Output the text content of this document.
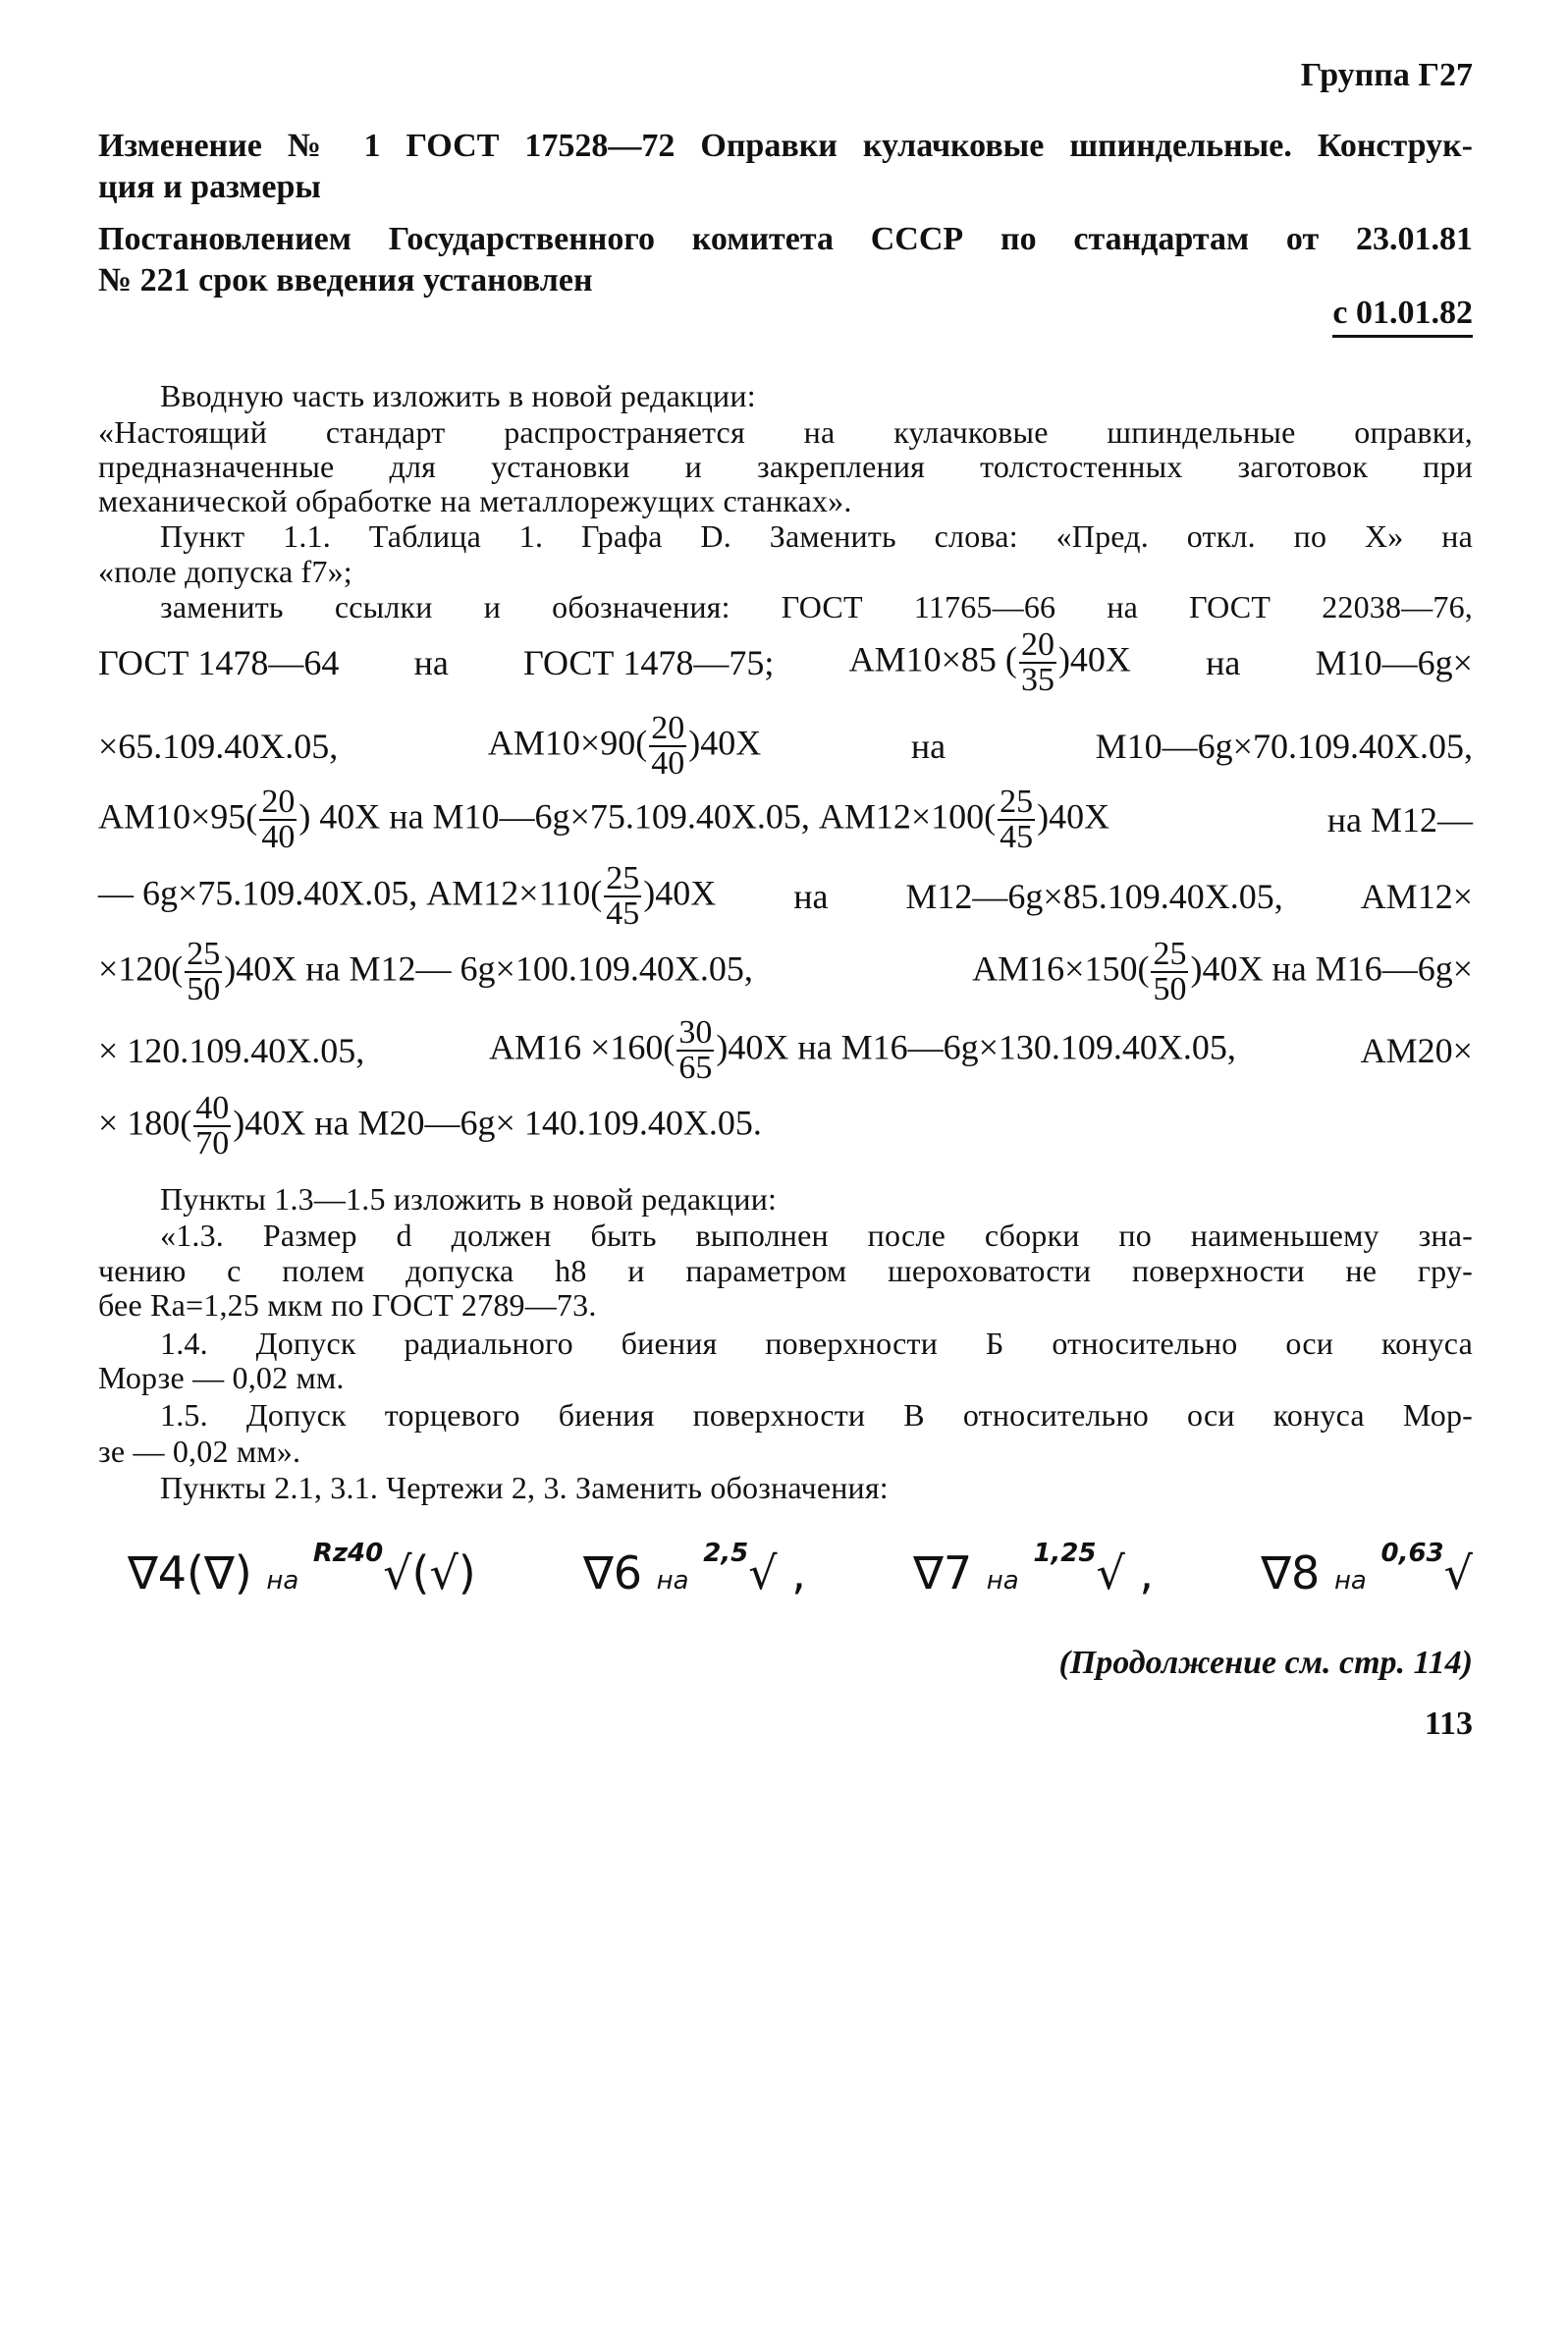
Группа Г27
Изменение № 1 ГОСТ 17528—72 Оправки кулачковые шпиндельные. Конструк-
ция и размеры
Постановлением Государственного комитета СССР по стандартам от 23.01.81
№ 221 срок введения установлен
с 01.01.82
Вводную часть изложить в новой редакции:
«Настоящий стандарт распространяется на кулачковые шпиндельные оправки,
предназначенные для установки и закрепления толстостенных заготовок при
механической обработке на металлорежущих станках».
Пункт 1.1. Таблица 1. Графа D. Заменить слова: «Пред. откл. по X» на
«поле допуска f7»;
заменить ссылки и обозначения: ГОСТ 11765—66 на ГОСТ 22038—76,
ГОСТ 1478—64 на ГОСТ 1478—75; АМ10×85 ( $\frac{20}{35} )40Х$ на М10—6g×
×65.109.40Х.05,	$АМ10\times 90( \frac{20}{40} )40Х$	на	М10—6g×70.109.40Х.05,
$АМ10\times 95( \frac{20}{40}$ ) 40Х на М10—6g×75.109.40Х.05, $АМ12\times 100( \frac{25}{45} )40Х$	на М12—
— 6g×75.109.40Х.05, $АМ12\times 110( \frac{25}{45} )40Х$ на М12—6g×85.109.40Х.05, АМ12×
$\times 120( \frac{25}{50} )40Х$ на М12— 6g×100.109.40Х.05,	$АМ16\times 150( \frac{25}{50} )40Х$ на М16—6g×
× 120.109.40Х.05,	$АМ16 \times 160( \frac{30}{65} )40Х$ на М16—6g×130.109.40Х.05,	АМ20×
× $180( \frac{40}{70} )40Х$ на М20—6g× 140.109.40Х.05.
Пункты 1.3—1.5 изложить в новой редакции:
«1.3. Размер d должен быть выполнен после сборки по наименьшему зна-
чению с полем допуска h8 и параметром шероховатости поверхности не гру-
бее Ra=1,25 мкм по ГОСТ 2789—73.
1.4. Допуск радиального биения поверхности Б относительно оси конуса
Морзе — 0,02 мм.
1.5. Допуск торцевого биения поверхности В относительно оси конуса Мор-
зе — 0,02 мм».
Пункты 2.1, 3.1. Чертежи 2, 3. Заменить обозначения:
∇4(∇) на $^{Rz40}$√(√) ∇6 на $^{2,5}$√ , ∇7 на $^{1,25}$√ , ∇8 на $^{0,63}$√
(Продолжение см. стр. 114)
113
